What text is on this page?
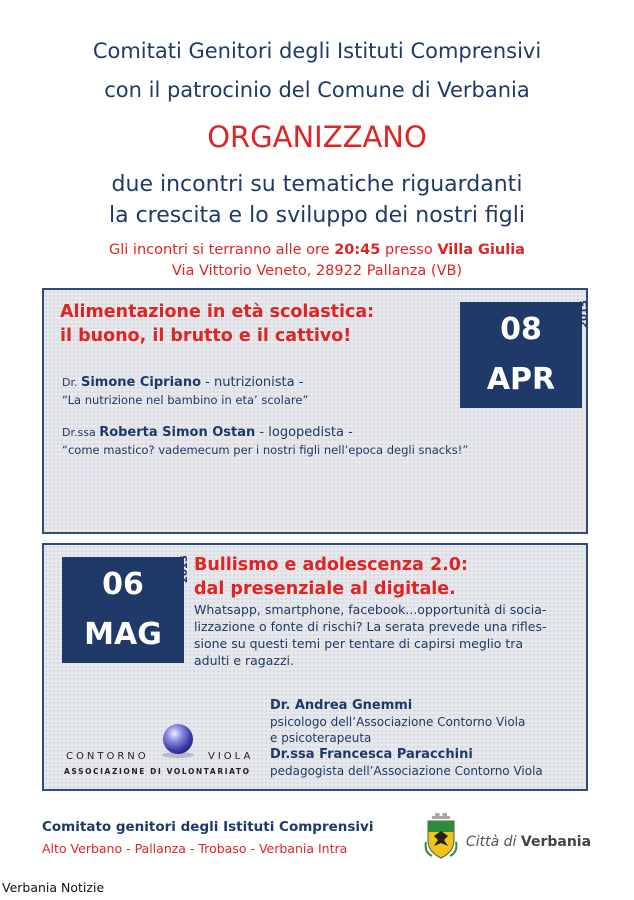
Comitati Genitori degli Istituti Comprensivi
con il patrocinio del Comune di Verbania
ORGANIZZANO
due incontri su tematiche riguardanti
la crescita e lo sviluppo dei nostri figli
Gli incontri si terranno alle ore 20:45 presso Villa Giulia
Via Vittorio Veneto, 28922 Pallanza (VB)
Alimentazione in età scolastica:
il buono, il brutto e il cattivo!	08
APR
2015
Dr. Simone Cipriano - nutrizionista -
“La nutrizione nel bambino in eta’ scolare”
Dr.ssa Roberta Simon Ostan - logopedista -
“come mastico? vademecum per i nostri figli nell’epoca degli snacks!”
06
MAG
2015 Bullismo e adolescenza 2.0:
dal presenziale al digitale.
Whatsapp, smartphone, facebook...opportunità di socia-
lizzazione o fonte di rischi? La serata prevede una rifles-
sione su questi temi per tentare di capirsi meglio tra
adulti e ragazzi.
CONTORNO	VIOLA
ASSOCIAZIONE DI VOLONTARIATO
Dr. Andrea Gnemmi
psicologo dell’Associazione Contorno Viola
e psicoterapeuta
Dr.ssa Francesca Paracchini
pedagogista dell’Associazione Contorno Viola
Comitato genitori degli Istituti Comprensivi
Alto Verbano - Pallanza - Trobaso - Verbania Intra	Città di Verbania
Verbania Notizie
